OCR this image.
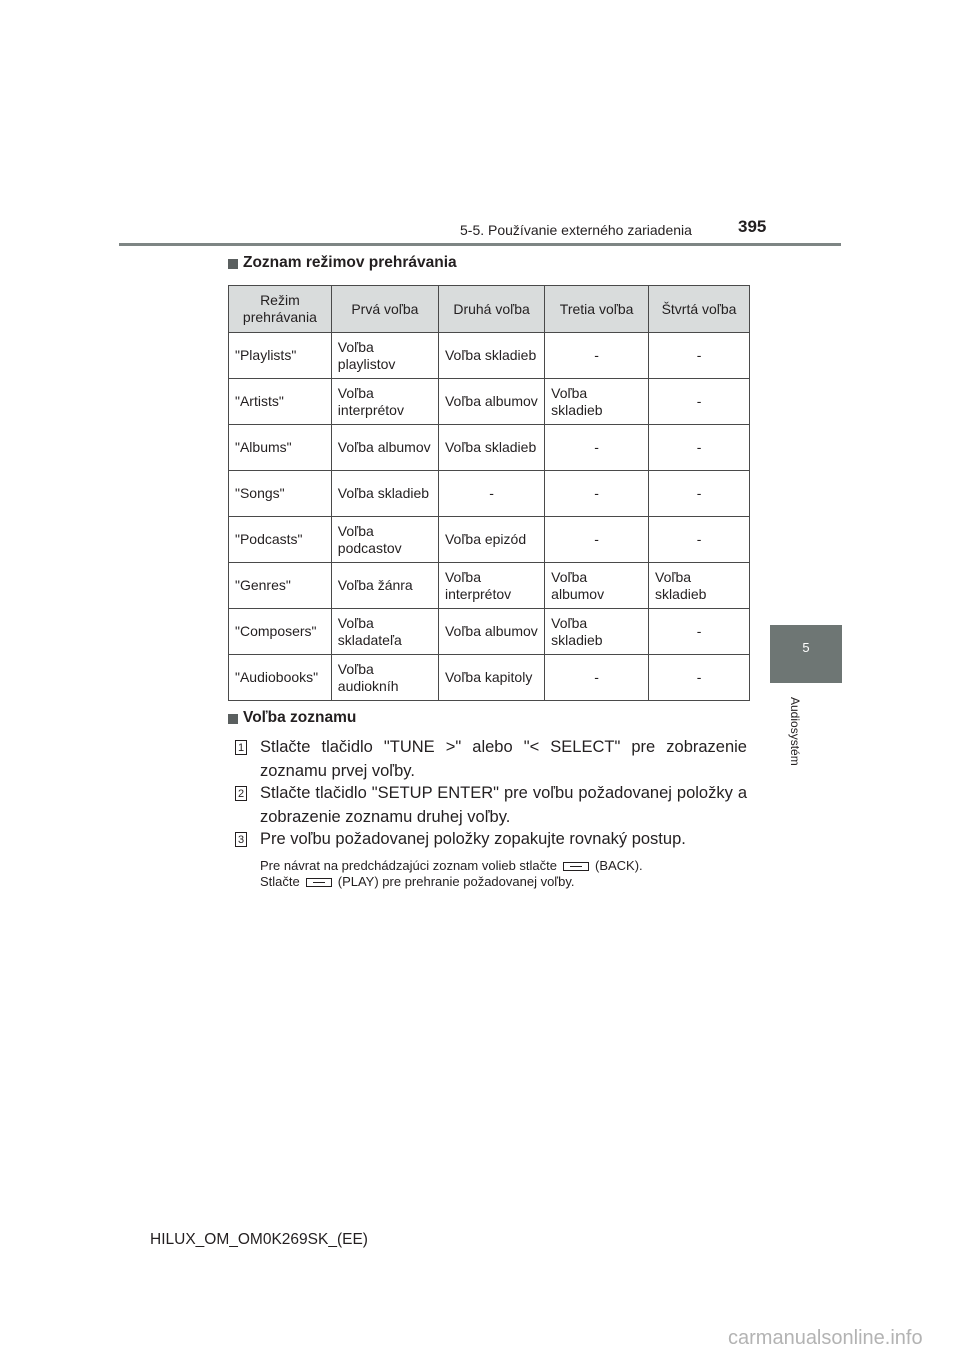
5-5. Používanie externého zariadenia	395
5
Audiosystém
Zoznam režimov prehrávania
Režim prehrávania	Prvá voľba	Druhá voľba	Tretia voľba	Štvrtá voľba
"Playlists"	Voľba playlistov	Voľba skladieb	-	-
"Artists"	Voľba interprétov	Voľba albumov	Voľba skladieb	-
"Albums"	Voľba albumov	Voľba skladieb	-	-
"Songs"	Voľba skladieb	-	-	-
"Podcasts"	Voľba podcastov	Voľba epizód	-	-
"Genres"	Voľba žánra	Voľba interprétov	Voľba albumov	Voľba skladieb
"Composers"	Voľba skladateľa	Voľba albumov	Voľba skladieb	-
"Audiobooks"	Voľba audiokníh	Voľba kapitoly	-	-
Voľba zoznamu
1 Stlačte tlačidlo "TUNE >" alebo "< SELECT" pre zobrazenie zoznamu prvej voľby.
2 Stlačte tlačidlo "SETUP ENTER" pre voľbu požadovanej položky a zobrazenie zoznamu druhej voľby.
3 Pre voľbu požadovanej položky zopakujte rovnaký postup.
Pre návrat na predchádzajúci zoznam volieb stlačte	(BACK).
Stlačte	(PLAY) pre prehranie požadovanej voľby.
HILUX_OM_OM0K269SK_(EE)
carmanualsonline.info
